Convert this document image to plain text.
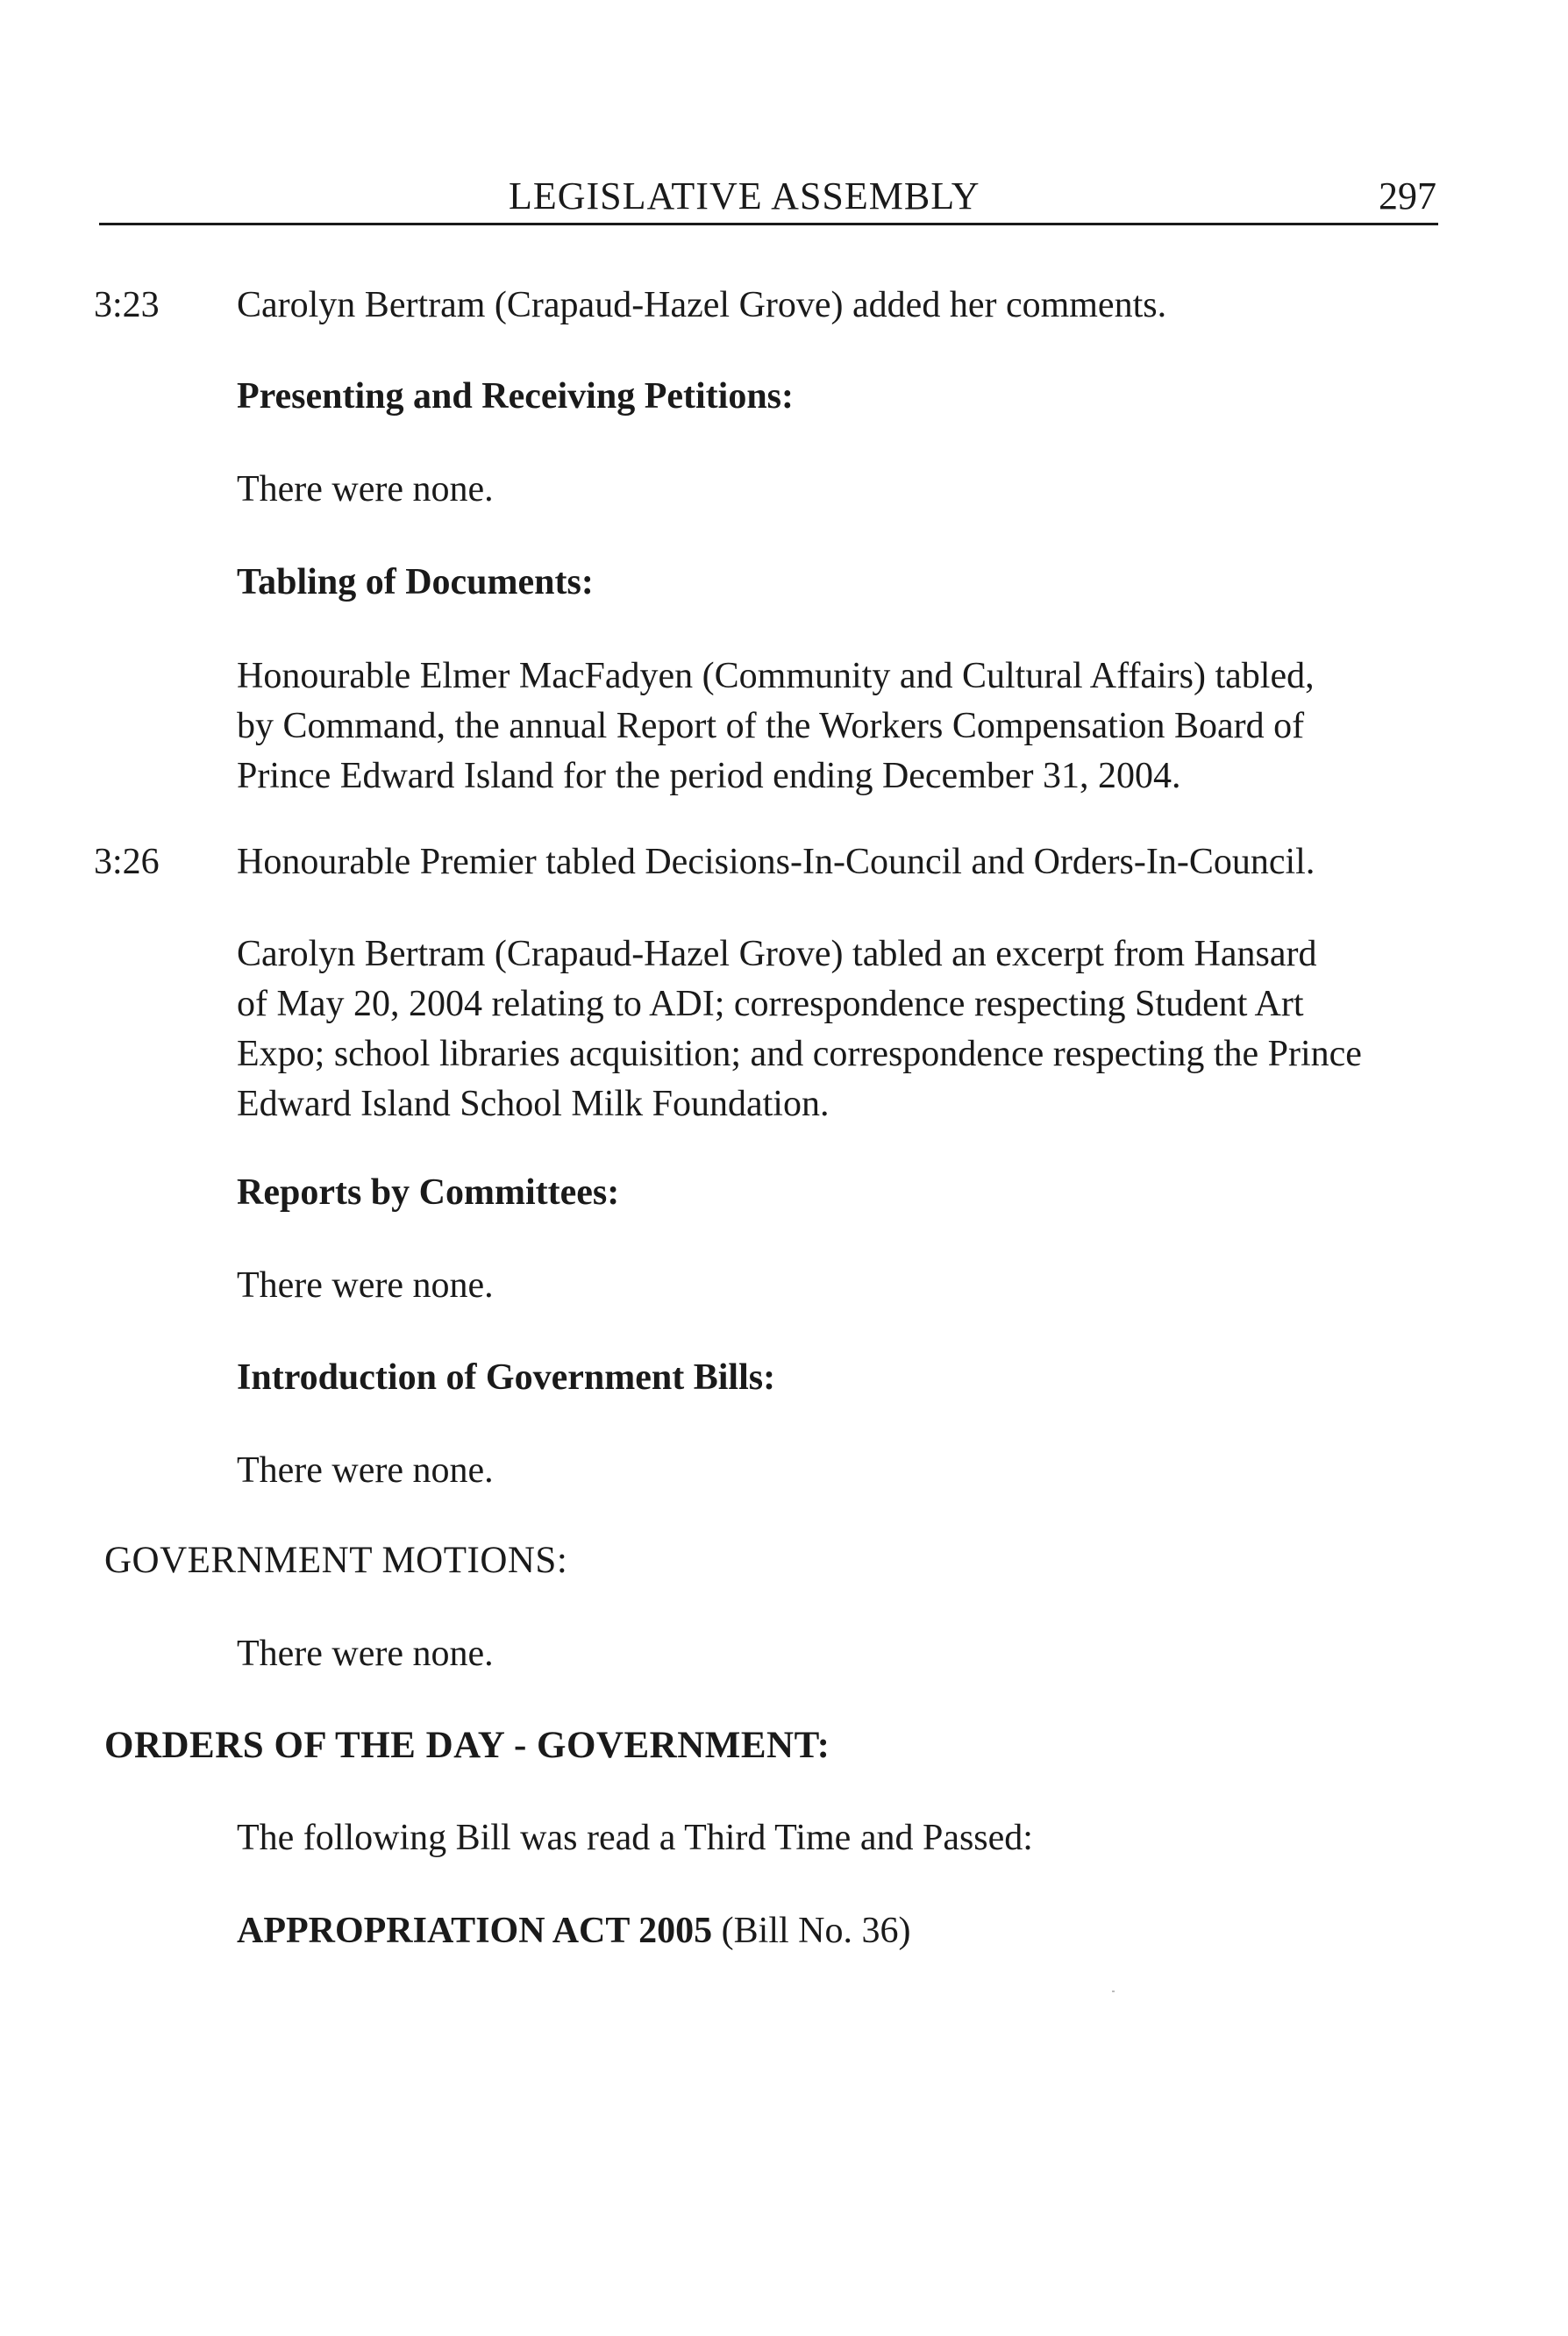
LEGISLATIVE ASSEMBLY	297
3:23 Carolyn Bertram (Crapaud-Hazel Grove) added her comments.
Presenting and Receiving Petitions:
There were none.
Tabling of Documents:
Honourable Elmer MacFadyen (Community and Cultural Affairs) tabled,
by Command, the annual Report of the Workers Compensation Board of
Prince Edward Island for the period ending December 31, 2004.
3:26 Honourable Premier tabled Decisions-In-Council and Orders-In-Council.
Carolyn Bertram (Crapaud-Hazel Grove) tabled an excerpt from Hansard
of May 20, 2004 relating to ADI; correspondence respecting Student Art
Expo; school libraries acquisition; and correspondence respecting the Prince
Edward Island School Milk Foundation.
Reports by Committees:
There were none.
Introduction of Government Bills:
There were none.
GOVERNMENT MOTIONS:
There were none.
ORDERS OF THE DAY - GOVERNMENT:
The following Bill was read a Third Time and Passed:
APPROPRIATION ACT 2005 (Bill No. 36)
